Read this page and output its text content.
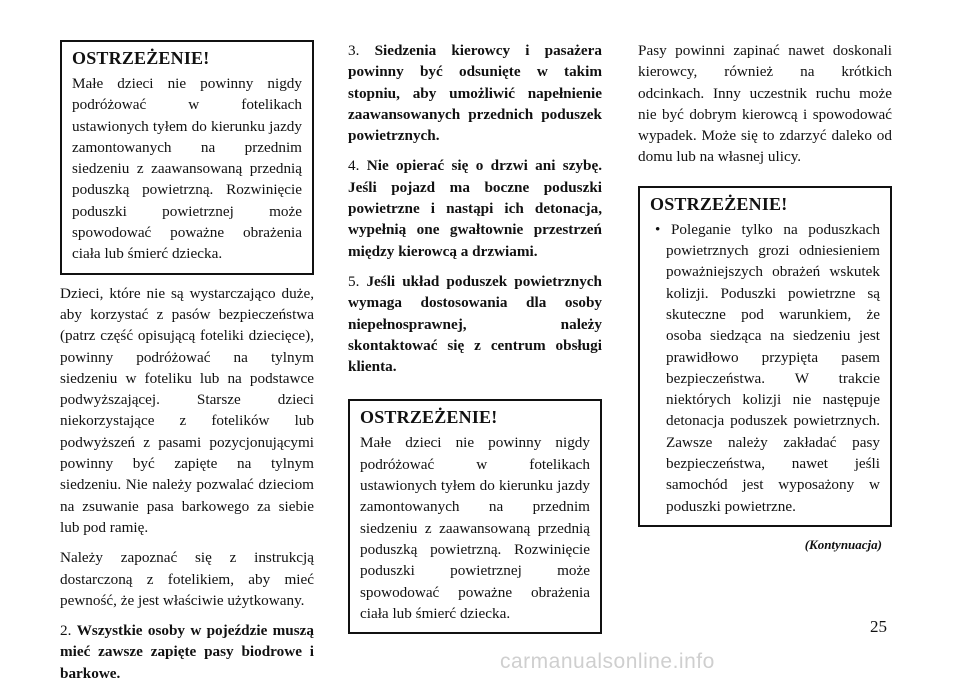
OSTRZEŻENIE!

Małe dzieci nie powinny nigdy podróżować w fotelikach ustawionych tyłem do kierunku jazdy zamontowanych na przednim siedzeniu z zaawansowaną przednią poduszką powietrzną. Rozwinięcie poduszki powietrznej może spowodować poważne obrażenia ciała lub śmierć dziecka.

Dzieci, które nie są wystarczająco duże, aby korzystać z pasów bezpieczeństwa (patrz część opisującą foteliki dziecięce), powinny podróżować na tylnym siedzeniu w foteliku lub na podstawce podwyższającej. Starsze dzieci niekorzystające z fotelików lub podwyższeń z pasami pozycjonującymi powinny być zapięte na tylnym siedzeniu. Nie należy pozwalać dzieciom na zsuwanie pasa barkowego za siebie lub pod ramię.

Należy zapoznać się z instrukcją dostarczoną z fotelikiem, aby mieć pewność, że jest właściwie użytkowany.

2. Wszystkie osoby w pojeździe muszą mieć zawsze zapięte pasy biodrowe i barkowe.

3. Siedzenia kierowcy i pasażera powinny być odsunięte w takim stopniu, aby umożliwić napełnienie zaawansowanych przednich poduszek powietrznych.

4. Nie opierać się o drzwi ani szybę. Jeśli pojazd ma boczne poduszki powietrzne i nastąpi ich detonacja, wypełnią one gwałtownie przestrzeń między kierowcą a drzwiami.

5. Jeśli układ poduszek powietrznych wymaga dostosowania dla osoby niepełnosprawnej, należy skontaktować się z centrum obsługi klienta.

OSTRZEŻENIE!

Małe dzieci nie powinny nigdy podróżować w fotelikach ustawionych tyłem do kierunku jazdy zamontowanych na przednim siedzeniu z zaawansowaną przednią poduszką powietrzną. Rozwinięcie poduszki powietrznej może spowodować poważne obrażenia ciała lub śmierć dziecka.

Pasy powinni zapinać nawet doskonali kierowcy, również na krótkich odcinkach. Inny uczestnik ruchu może nie być dobrym kierowcą i spowodować wypadek. Może się to zdarzyć daleko od domu lub na własnej ulicy.

OSTRZEŻENIE!

• Poleganie tylko na poduszkach powietrznych grozi odniesieniem poważniejszych obrażeń wskutek kolizji. Poduszki powietrzne są skuteczne pod warunkiem, że osoba siedząca na siedzeniu jest prawidłowo przypięta pasem bezpieczeństwa. W trakcie niektórych kolizji nie następuje detonacja poduszek powietrznych. Zawsze należy zakładać pasy bezpieczeństwa, nawet jeśli samochód jest wyposażony w poduszki powietrzne.

(Kontynuacja)
25
carmanualsonline.info
